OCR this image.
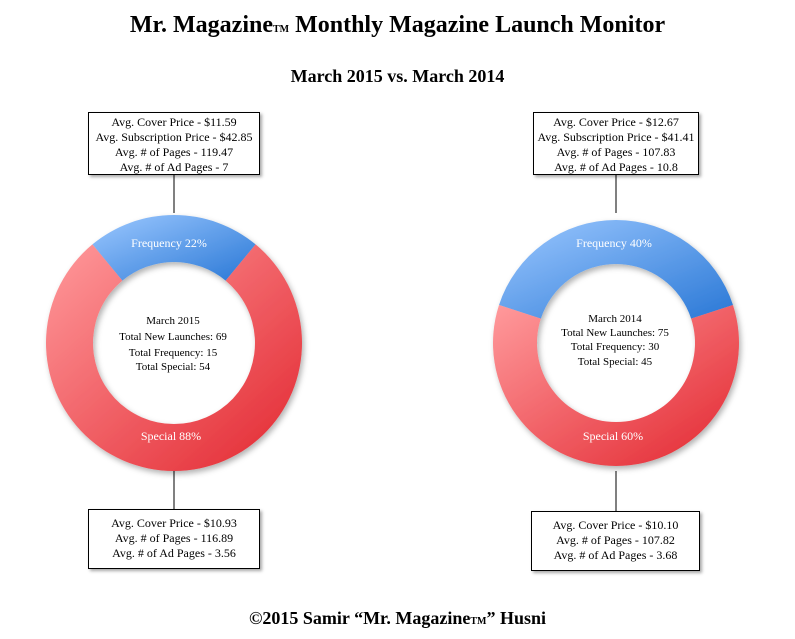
Mr. MagazineTM Monthly Magazine Launch Monitor
March 2015 vs. March 2014
Frequency 22%
Special 88%
March 2015
Total New Launches: 69
Total Frequency: 15
Total Special: 54
Frequency 40%
Special 60%
March 2014
Total New Launches: 75
Total Frequency: 30
Total Special: 45
Avg. Cover Price - $11.59
Avg. Subscription Price - $42.85
Avg. # of Pages - 119.47
Avg. # of Ad Pages - 7
Avg. Cover Price - $10.93
Avg. # of Pages - 116.89
Avg. # of Ad Pages - 3.56
Avg. Cover Price - $12.67
Avg. Subscription Price - $41.41
Avg. # of Pages - 107.83
Avg. # of Ad Pages - 10.8
Avg. Cover Price - $10.10
Avg. # of Pages - 107.82
Avg. # of Ad Pages - 3.68
©2015 Samir “Mr. MagazineTM” Husni
